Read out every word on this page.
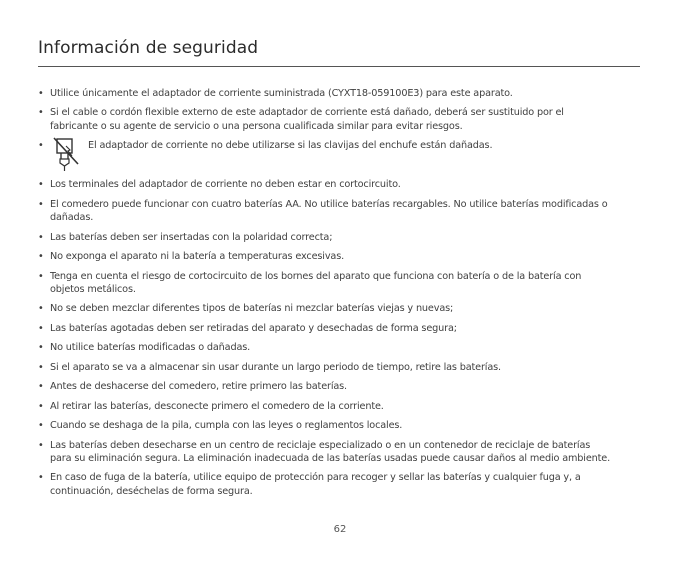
Información de seguridad
• Utilice únicamente el adaptador de corriente suministrada (CYXT18-059100E3) para este aparato.
• Si el cable o cordón flexible externo de este adaptador de corriente está dañado, deberá ser sustituido por el
fabricante o su agente de servicio o una persona cualificada similar para evitar riesgos.
•	El adaptador de corriente no debe utilizarse si las clavijas del enchufe están dañadas.
• Los terminales del adaptador de corriente no deben estar en cortocircuito.
• El comedero puede funcionar con cuatro baterías AA. No utilice baterías recargables. No utilice baterías modificadas o
dañadas.
• Las baterías deben ser insertadas con la polaridad correcta;
• No exponga el aparato ni la batería a temperaturas excesivas.
• Tenga en cuenta el riesgo de cortocircuito de los bornes del aparato que funciona con batería o de la batería con
objetos metálicos.
• No se deben mezclar diferentes tipos de baterías ni mezclar baterías viejas y nuevas;
• Las baterías agotadas deben ser retiradas del aparato y desechadas de forma segura;
• No utilice baterías modificadas o dañadas.
• Si el aparato se va a almacenar sin usar durante un largo periodo de tiempo, retire las baterías.
• Antes de deshacerse del comedero, retire primero las baterías.
• Al retirar las baterías, desconecte primero el comedero de la corriente.
• Cuando se deshaga de la pila, cumpla con las leyes o reglamentos locales.
• Las baterías deben desecharse en un centro de reciclaje especializado o en un contenedor de reciclaje de baterías
para su eliminación segura. La eliminación inadecuada de las baterías usadas puede causar daños al medio ambiente.
• En caso de fuga de la batería, utilice equipo de protección para recoger y sellar las baterías y cualquier fuga y, a
continuación, deséchelas de forma segura.
62
